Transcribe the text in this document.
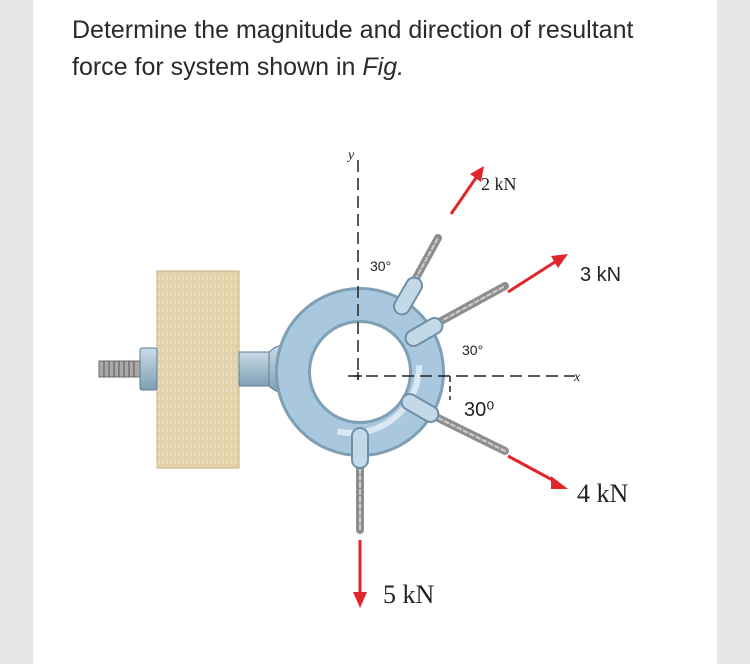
Determine the magnitude and direction of resultant force for system shown in Fig.
y
x
30°
30°
30⁰
2 kN
3 kN
4 kN
5 kN
